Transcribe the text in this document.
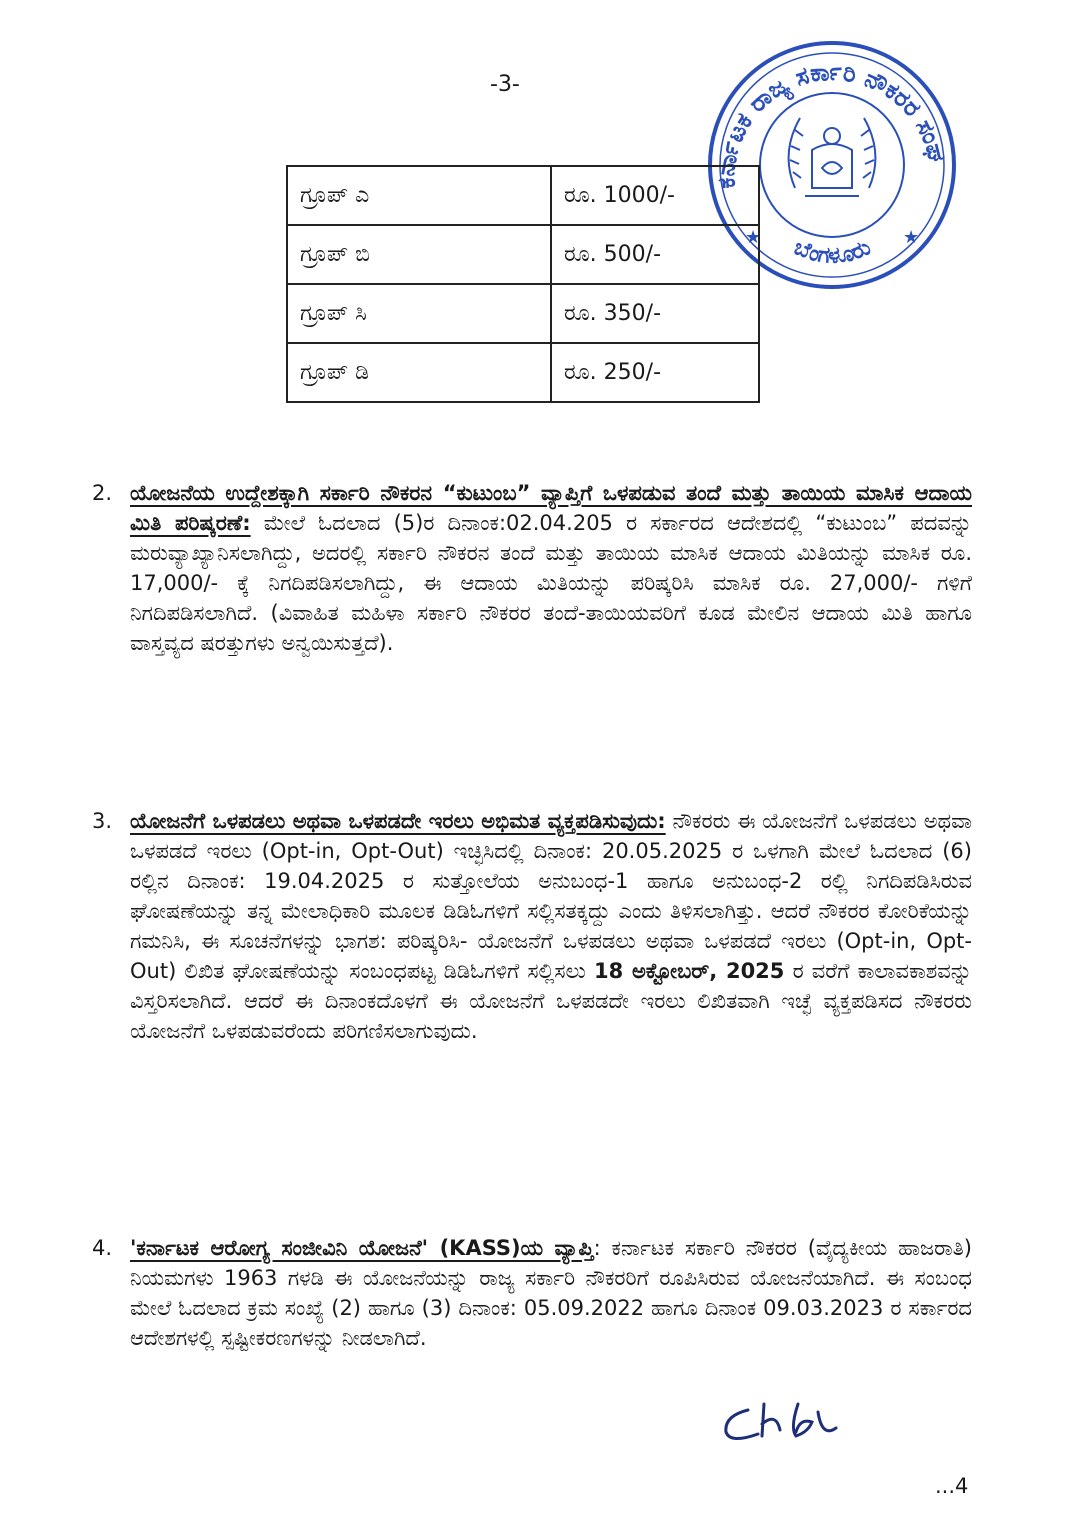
-3-
ಕರ್ನಾಟಕ ರಾಜ್ಯ ಸರ್ಕಾರಿ ನೌಕರರ ಸಂಘ
ಬೆಂಗಳೂರು
★	★
ಗ್ರೂಪ್ ಎ	ರೂ. 1000/-
ಗ್ರೂಪ್ ಬಿ	ರೂ. 500/-
ಗ್ರೂಪ್ ಸಿ	ರೂ. 350/-
ಗ್ರೂಪ್ ಡಿ	ರೂ. 250/-
2. ಯೋಜನೆಯ ಉದ್ದೇಶಕ್ಕಾಗಿ ಸರ್ಕಾರಿ ನೌಕರನ “ಕುಟುಂಬ” ವ್ಯಾಪ್ತಿಗೆ ಒಳಪಡುವ ತಂದೆ ಮತ್ತು ತಾಯಿಯ ಮಾಸಿಕ ಆದಾಯ ಮಿತಿ ಪರಿಷ್ಕರಣೆ: ಮೇಲೆ ಓದಲಾದ (5)ರ ದಿನಾಂಕ:02.04.205 ರ ಸರ್ಕಾರದ ಆದೇಶದಲ್ಲಿ “ಕುಟುಂಬ” ಪದವನ್ನು ಮರುವ್ಯಾಖ್ಯಾನಿಸಲಾಗಿದ್ದು, ಅದರಲ್ಲಿ ಸರ್ಕಾರಿ ನೌಕರನ ತಂದೆ ಮತ್ತು ತಾಯಿಯ ಮಾಸಿಕ ಆದಾಯ ಮಿತಿಯನ್ನು ಮಾಸಿಕ ರೂ. 17,000/- ಕ್ಕೆ ನಿಗದಿಪಡಿಸಲಾಗಿದ್ದು, ಈ ಆದಾಯ ಮಿತಿಯನ್ನು ಪರಿಷ್ಕರಿಸಿ ಮಾಸಿಕ ರೂ. 27,000/- ಗಳಿಗೆ ನಿಗದಿಪಡಿಸಲಾಗಿದೆ. (ವಿವಾಹಿತ ಮಹಿಳಾ ಸರ್ಕಾರಿ ನೌಕರರ ತಂದೆ-ತಾಯಿಯವರಿಗೆ ಕೂಡ ಮೇಲಿನ ಆದಾಯ ಮಿತಿ ಹಾಗೂ ವಾಸ್ತವ್ಯದ ಷರತ್ತುಗಳು ಅನ್ವಯಿಸುತ್ತದೆ).
3. ಯೋಜನೆಗೆ ಒಳಪಡಲು ಅಥವಾ ಒಳಪಡದೇ ಇರಲು ಅಭಿಮತ ವ್ಯಕ್ತಪಡಿಸುವುದು: ನೌಕರರು ಈ ಯೋಜನೆಗೆ ಒಳಪಡಲು ಅಥವಾ ಒಳಪಡದೆ ಇರಲು (Opt-in, Opt-Out) ಇಚ್ಛಿಸಿದಲ್ಲಿ ದಿನಾಂಕ: 20.05.2025 ರ ಒಳಗಾಗಿ ಮೇಲೆ ಓದಲಾದ (6) ರಲ್ಲಿನ ದಿನಾಂಕ: 19.04.2025 ರ ಸುತ್ತೋಲೆಯ ಅನುಬಂಧ-1 ಹಾಗೂ ಅನುಬಂಧ-2 ರಲ್ಲಿ ನಿಗದಿಪಡಿಸಿರುವ ಘೋಷಣೆಯನ್ನು ತನ್ನ ಮೇಲಾಧಿಕಾರಿ ಮೂಲಕ ಡಿಡಿಓಗಳಿಗೆ ಸಲ್ಲಿಸತಕ್ಕದ್ದು ಎಂದು ತಿಳಿಸಲಾಗಿತ್ತು. ಆದರೆ ನೌಕರರ ಕೋರಿಕೆಯನ್ನು ಗಮನಿಸಿ, ಈ ಸೂಚನೆಗಳನ್ನು ಭಾಗಶ: ಪರಿಷ್ಕರಿಸಿ- ಯೋಜನೆಗೆ ಒಳಪಡಲು ಅಥವಾ ಒಳಪಡದೆ ಇರಲು (Opt-in, Opt-Out) ಲಿಖಿತ ಘೋಷಣೆಯನ್ನು ಸಂಬಂಧಪಟ್ಟ ಡಿಡಿಓಗಳಿಗೆ ಸಲ್ಲಿಸಲು 18 ಅಕ್ಟೋಬರ್, 2025 ರ ವರೆಗೆ ಕಾಲಾವಕಾಶವನ್ನು ವಿಸ್ತರಿಸಲಾಗಿದೆ. ಆದರೆ ಈ ದಿನಾಂಕದೊಳಗೆ ಈ ಯೋಜನೆಗೆ ಒಳಪಡದೇ ಇರಲು ಲಿಖಿತವಾಗಿ ಇಚ್ಛೆ ವ್ಯಕ್ತಪಡಿಸದ ನೌಕರರು ಯೋಜನೆಗೆ ಒಳಪಡುವರೆಂದು ಪರಿಗಣಿಸಲಾಗುವುದು.
4. 'ಕರ್ನಾಟಕ ಆರೋಗ್ಯ ಸಂಜೀವಿನಿ ಯೋಜನೆ' (KASS)ಯ ವ್ಯಾಪ್ತಿ: ಕರ್ನಾಟಕ ಸರ್ಕಾರಿ ನೌಕರರ (ವೈದ್ಯಕೀಯ ಹಾಜರಾತಿ) ನಿಯಮಗಳು 1963 ಗಳಡಿ ಈ ಯೋಜನೆಯನ್ನು ರಾಜ್ಯ ಸರ್ಕಾರಿ ನೌಕರರಿಗೆ ರೂಪಿಸಿರುವ ಯೋಜನೆಯಾಗಿದೆ. ಈ ಸಂಬಂಧ ಮೇಲೆ ಓದಲಾದ ಕ್ರಮ ಸಂಖ್ಯೆ (2) ಹಾಗೂ (3) ದಿನಾಂಕ: 05.09.2022 ಹಾಗೂ ದಿನಾಂಕ 09.03.2023 ರ ಸರ್ಕಾರದ ಆದೇಶಗಳಲ್ಲಿ ಸ್ಪಷ್ಟೀಕರಣಗಳನ್ನು ನೀಡಲಾಗಿದೆ.
...4
